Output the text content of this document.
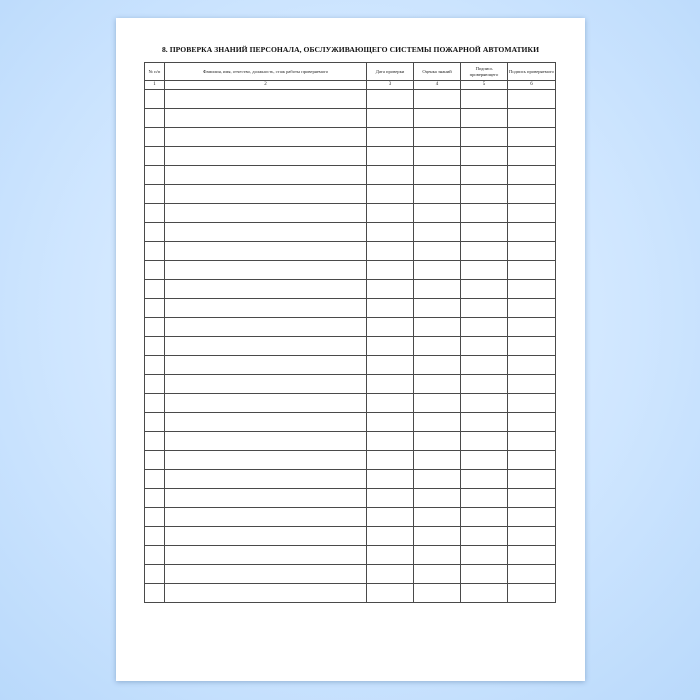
8. ПРОВЕРКА ЗНАНИЙ ПЕРСОНАЛА, ОБСЛУЖИВАЮЩЕГО СИСТЕМЫ ПОЖАРНОЙ АВТОМАТИКИ
№ п/п	Фамилия, имя, отчество, должность, стаж работы проверяемого	Дата проверки	Оценка знаний	Подпись проверяющего	Подпись проверяемого
1	2	3	4	5	6
